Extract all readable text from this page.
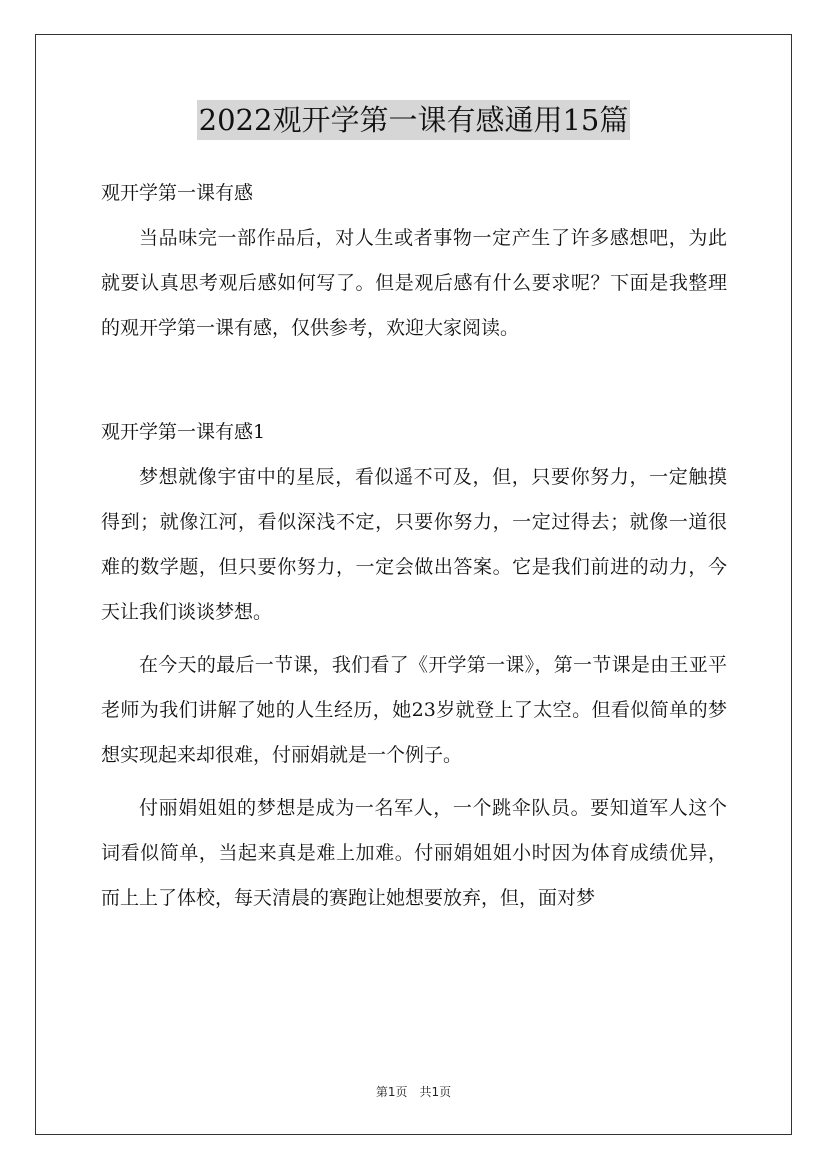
2022观开学第一课有感通用15篇

观开学第一课有感

当品味完一部作品后，对人生或者事物一定产生了许多感想吧，为此就要认真思考观后感如何写了。但是观后感有什么要求呢？下面是我整理的观开学第一课有感，仅供参考，欢迎大家阅读。

观开学第一课有感1

梦想就像宇宙中的星辰，看似遥不可及，但，只要你努力，一定触摸得到；就像江河，看似深浅不定，只要你努力，一定过得去；就像一道很难的数学题，但只要你努力，一定会做出答案。它是我们前进的动力，今天让我们谈谈梦想。

在今天的最后一节课，我们看了《开学第一课》，第一节课是由王亚平老师为我们讲解了她的人生经历，她23岁就登上了太空。但看似简单的梦想实现起来却很难，付丽娟就是一个例子。

付丽娟姐姐的梦想是成为一名军人，一个跳伞队员。要知道军人这个词看似简单，当起来真是难上加难。付丽娟姐姐小时因为体育成绩优异，而上上了体校，每天清晨的赛跑让她想要放弃，但，面对梦

第1页 共1页
